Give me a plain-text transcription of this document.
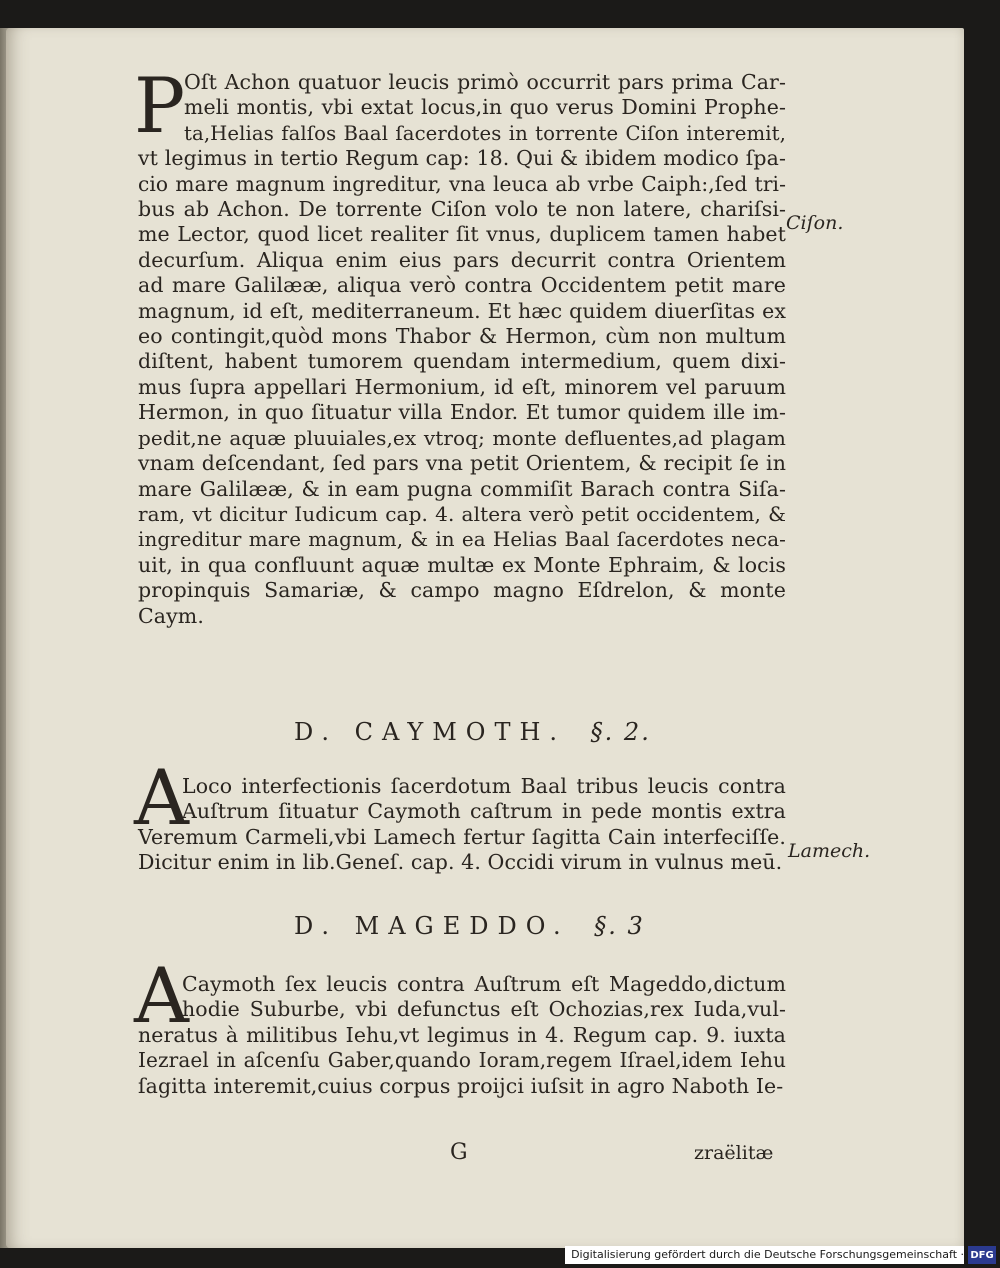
P
Oſt Achon quatuor leucis primò occurrit pars prima Car-
meli montis, vbi extat locus,in quo verus Domini Prophe-
ta,Helias falſos Baal ſacerdotes in torrente Ciſon interemit,
vt legimus in tertio Regum cap: 18. Qui & ibidem modico ſpa-
cio mare magnum ingreditur, vna leuca ab vrbe Caiph:,ſed tri-
bus ab Achon. De torrente Ciſon volo te non latere, chariſsi-
me Lector, quod licet realiter ſit vnus, duplicem tamen habet
decurſum. Aliqua enim eius pars decurrit contra Orientem
ad mare Galilææ, aliqua verò contra Occidentem petit mare
magnum, id eſt, mediterraneum. Et hæc quidem diuerſitas ex
eo contingit,quòd mons Thabor & Hermon, cùm non multum
diſtent, habent tumorem quendam intermedium, quem dixi-
mus ſupra appellari Hermonium, id eſt, minorem vel paruum
Hermon, in quo ſituatur villa Endor. Et tumor quidem ille im-
pedit,ne aquæ pluuiales,ex vtroq; monte defluentes,ad plagam
vnam deſcendant, ſed pars vna petit Orientem, & recipit ſe in
mare Galilææ, & in eam pugna commiſit Barach contra Siſa-
ram, vt dicitur Iudicum cap. 4. altera verò petit occidentem, &
ingreditur mare magnum, & in ea Helias Baal ſacerdotes neca-
uit, in qua confluunt aquæ multæ ex Monte Ephraim, & locis
propinquis Samariæ, & campo magno Eſdrelon, & monte
Caym.
Ciſon.
D. CAYMOTH. §. 2.
A
Loco interfectionis ſacerdotum Baal tribus leucis contra
Auſtrum ſituatur Caymoth caſtrum in pede montis extra
Veremum Carmeli,vbi Lamech fertur ſagitta Cain interfeciſſe.
Dicitur enim in lib.Geneſ. cap. 4. Occidi virum in vulnus meū. Lamech.
D. MAGEDDO. §. 3
A
Caymoth ſex leucis contra Auſtrum eſt Mageddo,dictum
hodie Suburbe, vbi defunctus eſt Ochozias,rex Iuda,vul-
neratus à militibus Iehu,vt legimus in 4. Regum cap. 9. iuxta
Iezrael in aſcenſu Gaber,quando Ioram,regem Iſrael,idem Iehu
ſagitta interemit,cuius corpus proijci iuſsit in agro Naboth Ie-
G	zraëlitæ
Digitalisierung gefördert durch die Deutsche Forschungsgemeinschaft · DFG
